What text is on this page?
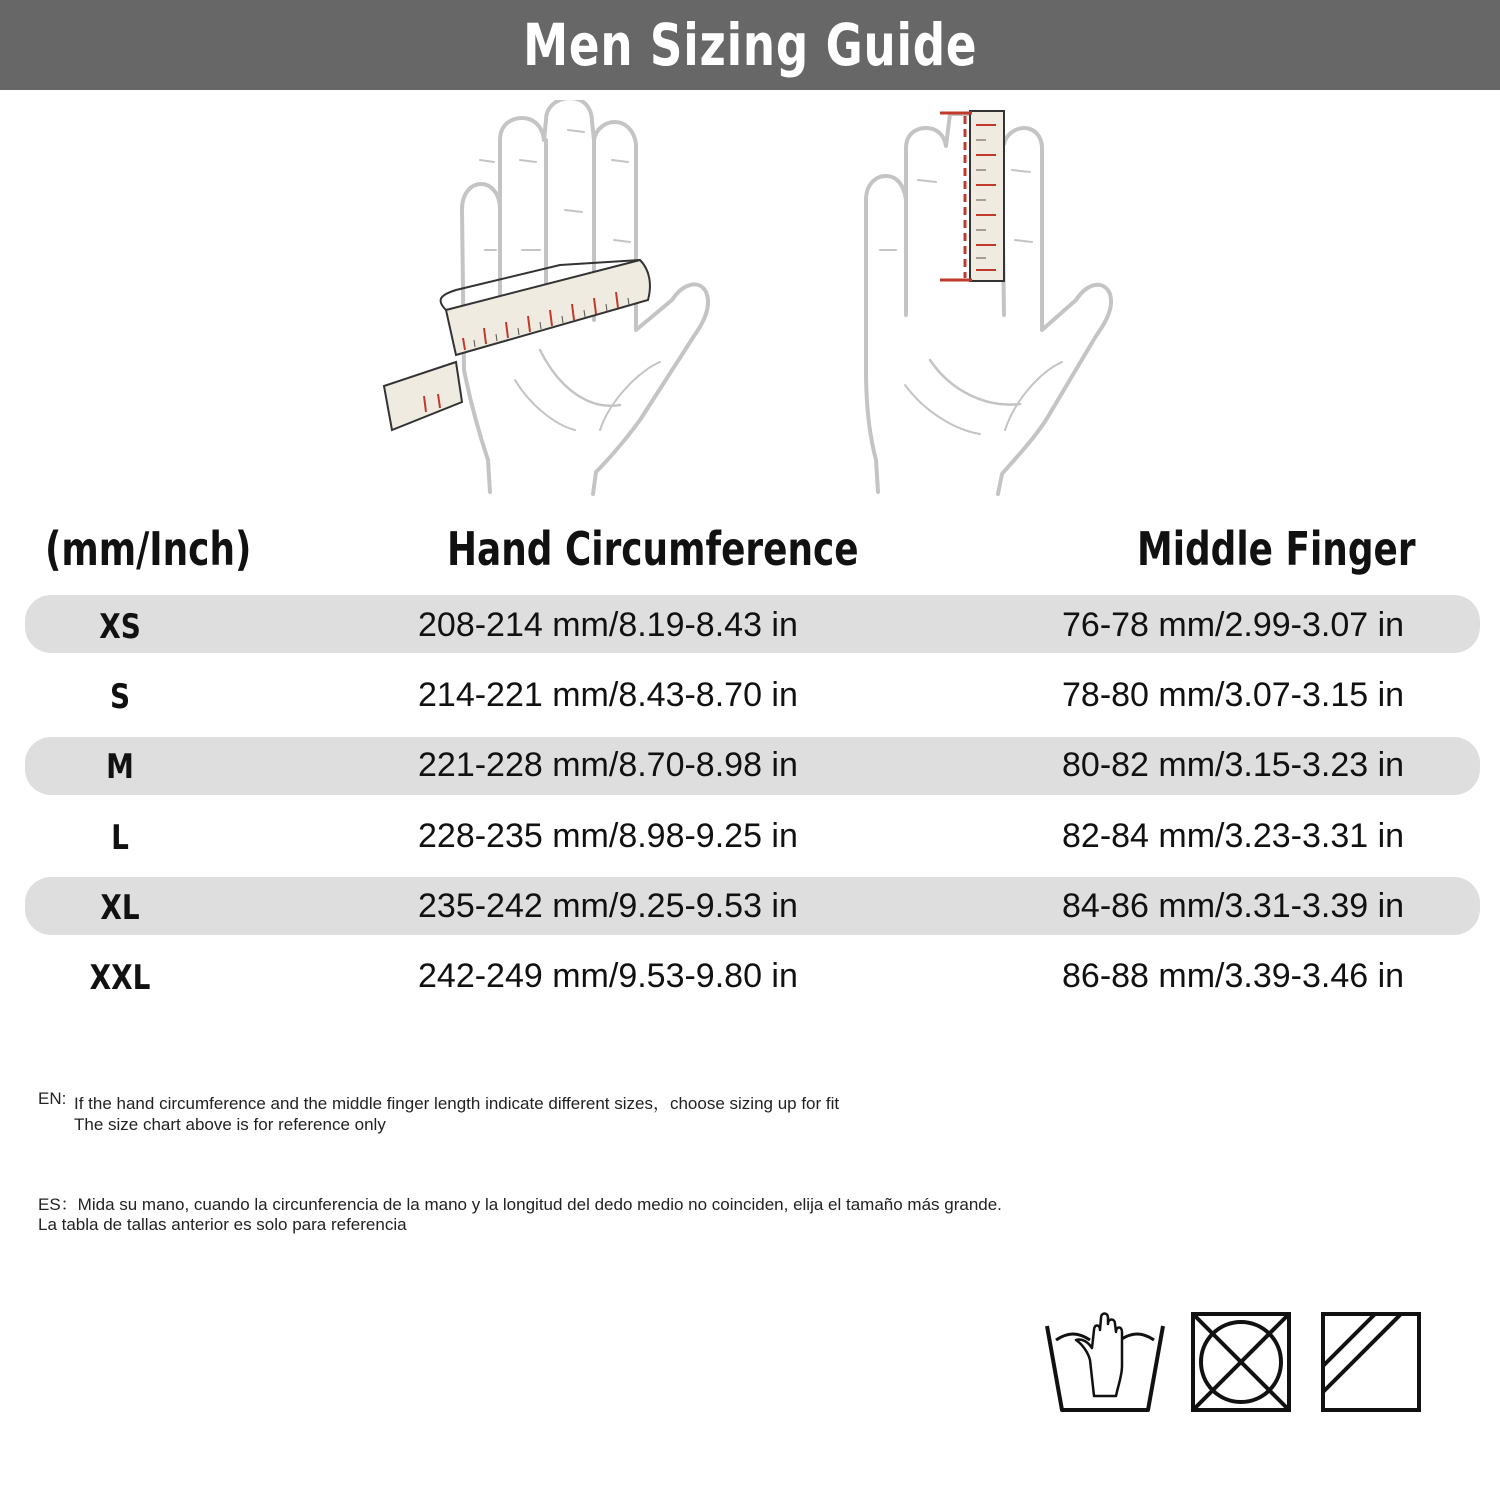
Men Sizing Guide
(mm/Inch)	Hand Circumference	Middle Finger
XS	208-214 mm/8.19-8.43 in	76-78 mm/2.99-3.07 in
S	214-221 mm/8.43-8.70 in	78-80 mm/3.07-3.15 in
M	221-228 mm/8.70-8.98 in	80-82 mm/3.15-3.23 in
L	228-235 mm/8.98-9.25 in	82-84 mm/3.23-3.31 in
XL	235-242 mm/9.25-9.53 in	84-86 mm/3.31-3.39 in
XXL	242-249 mm/9.53-9.80 in	86-88 mm/3.39-3.46 in
EN: If the hand circumference and the middle finger length indicate different sizes，choose sizing up for fit
The size chart above is for reference only
ES：Mida su mano, cuando la circunferencia de la mano y la longitud del dedo medio no coinciden, elija el tamaño más grande.
La tabla de tallas anterior es solo para referencia
